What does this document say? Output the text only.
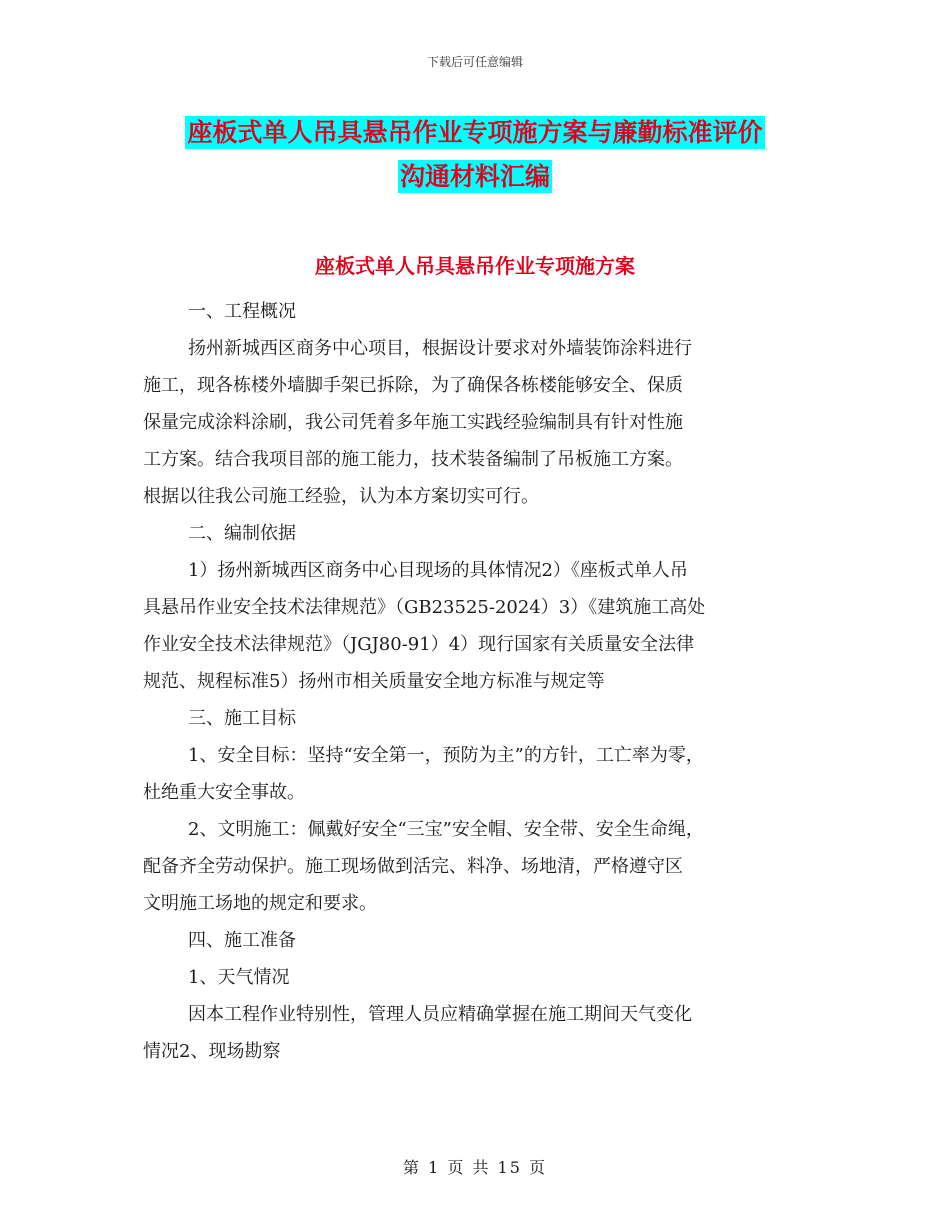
下载后可任意编辑
座板式单人吊具悬吊作业专项施方案与廉勤标准评价
沟通材料汇编
座板式单人吊具悬吊作业专项施方案

一、工程概况

扬州新城西区商务中心项目，根据设计要求对外墙装饰涂料进行

施工，现各栋楼外墙脚手架已拆除，为了确保各栋楼能够安全、保质

保量完成涂料涂刷，我公司凭着多年施工实践经验编制具有针对性施

工方案。结合我项目部的施工能力，技术装备编制了吊板施工方案。

根据以往我公司施工经验，认为本方案切实可行。

二、编制依据

1）扬州新城西区商务中心目现场的具体情况2）《座板式单人吊

具悬吊作业安全技术法律规范》（GB23525-2024）3）《建筑施工高处

作业安全技术法律规范》（JGJ80-91）4）现行国家有关质量安全法律

规范、规程标准5）扬州市相关质量安全地方标准与规定等

三、施工目标

1、安全目标：坚持“安全第一，预防为主”的方针，工亡率为零，

杜绝重大安全事故。

2、文明施工：佩戴好安全“三宝”安全帽、安全带、安全生命绳，

配备齐全劳动保护。施工现场做到活完、料净、场地清，严格遵守区

文明施工场地的规定和要求。

四、施工准备

1、天气情况

因本工程作业特别性，管理人员应精确掌握在施工期间天气变化

情况2、现场勘察

第 1 页 共 15 页
